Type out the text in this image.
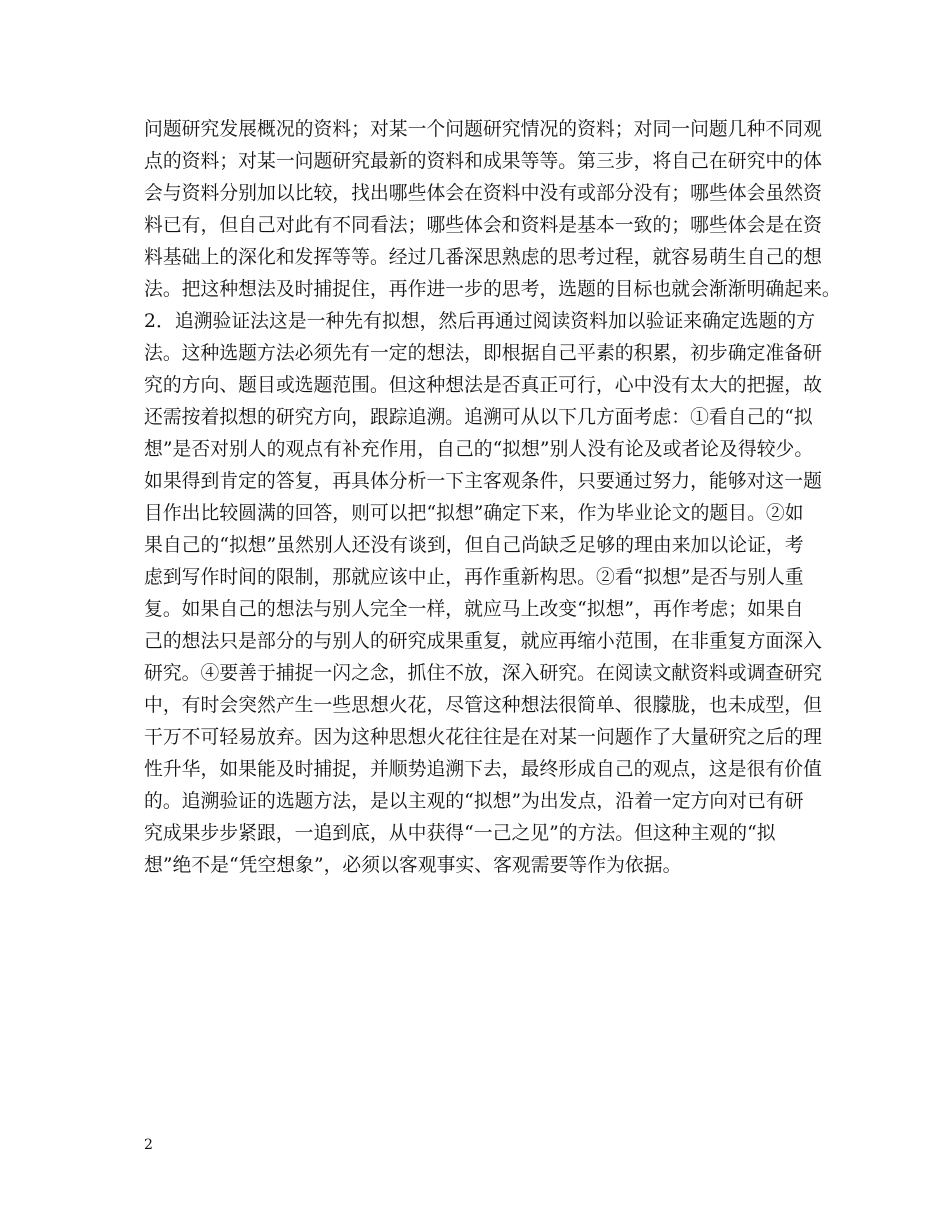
问题研究发展概况的资料；对某一个问题研究情况的资料；对同一问题几种不同观
点的资料；对某一问题研究最新的资料和成果等等。第三步，将自己在研究中的体
会与资料分别加以比较，找出哪些体会在资料中没有或部分没有；哪些体会虽然资
料已有，但自己对此有不同看法；哪些体会和资料是基本一致的；哪些体会是在资
料基础上的深化和发挥等等。经过几番深思熟虑的思考过程，就容易萌生自己的想
法。把这种想法及时捕捉住，再作进一步的思考，选题的目标也就会渐渐明确起来。
2．追溯验证法这是一种先有拟想，然后再通过阅读资料加以验证来确定选题的方
法。这种选题方法必须先有一定的想法，即根据自己平素的积累，初步确定准备研
究的方向、题目或选题范围。但这种想法是否真正可行，心中没有太大的把握，故
还需按着拟想的研究方向，跟踪追溯。追溯可从以下几方面考虑：①看自己的“拟
想”是否对别人的观点有补充作用，自己的“拟想”别人没有论及或者论及得较少。
如果得到肯定的答复，再具体分析一下主客观条件，只要通过努力，能够对这一题
目作出比较圆满的回答，则可以把“拟想”确定下来，作为毕业论文的题目。②如
果自己的“拟想”虽然别人还没有谈到，但自己尚缺乏足够的理由来加以论证，考
虑到写作时间的限制，那就应该中止，再作重新构思。②看“拟想”是否与别人重
复。如果自己的想法与别人完全一样，就应马上改变“拟想”，再作考虑；如果自
己的想法只是部分的与别人的研究成果重复，就应再缩小范围，在非重复方面深入
研究。④要善于捕捉一闪之念，抓住不放，深入研究。在阅读文献资料或调查研究
中，有时会突然产生一些思想火花，尽管这种想法很简单、很朦胧，也未成型，但
干万不可轻易放弃。因为这种思想火花往往是在对某一问题作了大量研究之后的理
性升华，如果能及时捕捉，并顺势追溯下去，最终形成自己的观点，这是很有价值
的。追溯验证的选题方法，是以主观的“拟想”为出发点，沿着一定方向对已有研
究成果步步紧跟，一追到底，从中获得“一己之见”的方法。但这种主观的“拟
想”绝不是“凭空想象”，必须以客观事实、客观需要等作为依据。
2
